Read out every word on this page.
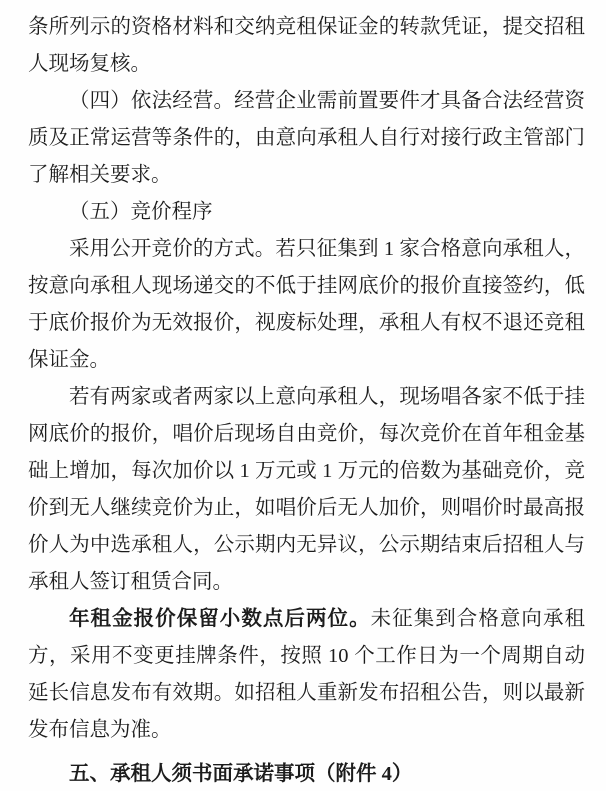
条所列示的资格材料和交纳竞租保证金的转款凭证，提交招租人现场复核。

（四）依法经营。经营企业需前置要件才具备合法经营资质及正常运营等条件的，由意向承租人自行对接行政主管部门了解相关要求。

（五）竞价程序

采用公开竞价的方式。若只征集到 1 家合格意向承租人，按意向承租人现场递交的不低于挂网底价的报价直接签约，低于底价报价为无效报价，视废标处理，承租人有权不退还竞租保证金。

若有两家或者两家以上意向承租人，现场唱各家不低于挂网底价的报价，唱价后现场自由竞价，每次竞价在首年租金基础上增加，每次加价以 1 万元或 1 万元的倍数为基础竞价，竞价到无人继续竞价为止，如唱价后无人加价，则唱价时最高报价人为中选承租人，公示期内无异议，公示期结束后招租人与承租人签订租赁合同。

年租金报价保留小数点后两位。未征集到合格意向承租方，采用不变更挂牌条件，按照 10 个工作日为一个周期自动延长信息发布有效期。如招租人重新发布招租公告，则以最新发布信息为准。

五、承租人须书面承诺事项（附件 4）
